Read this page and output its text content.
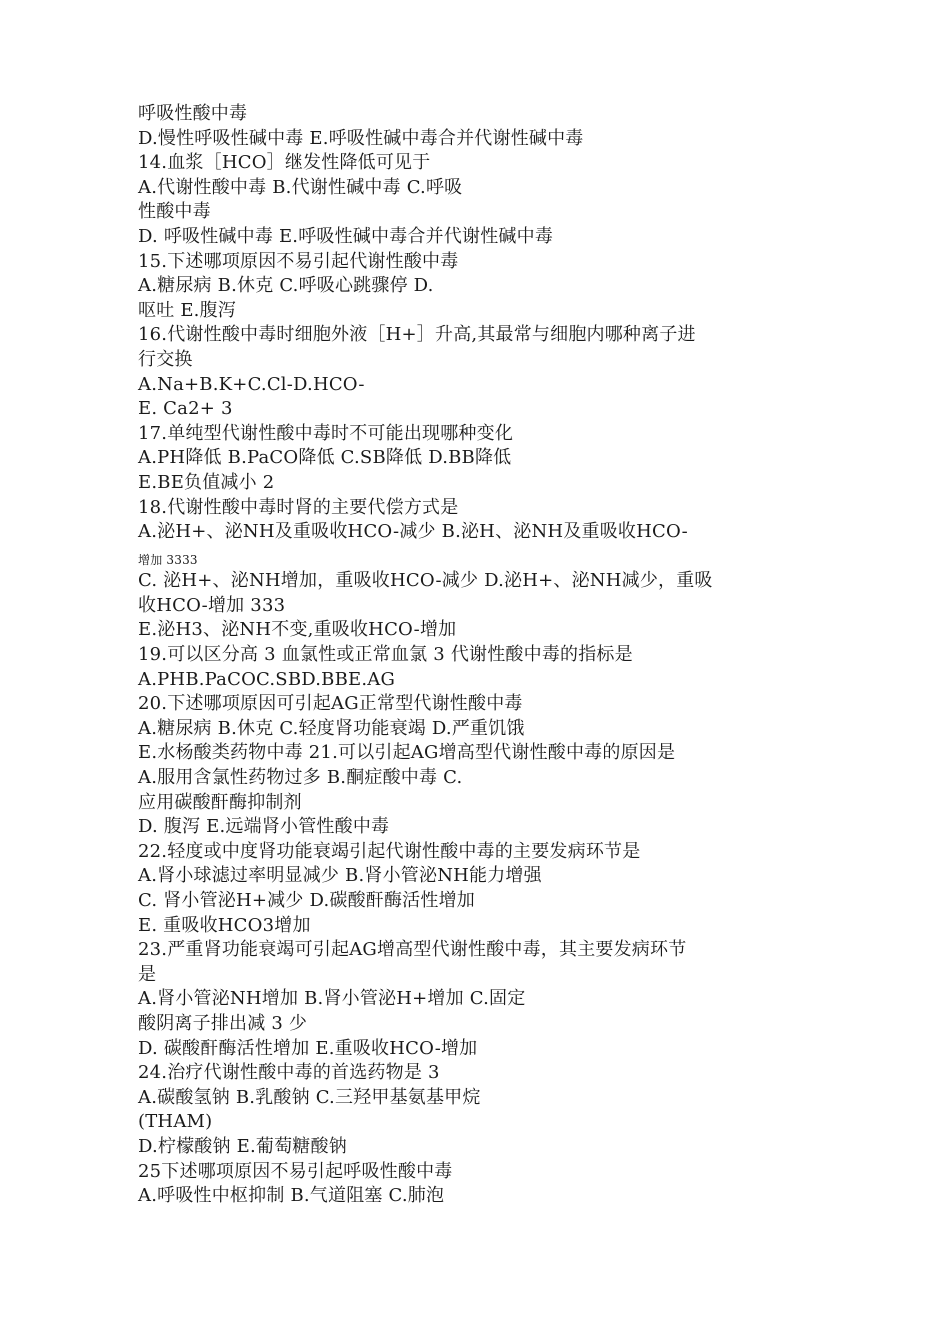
呼吸性酸中毒
D.慢性呼吸性碱中毒 E.呼吸性碱中毒合并代谢性碱中毒
14.血浆［HCO］继发性降低可见于
A.代谢性酸中毒 B.代谢性碱中毒 C.呼吸
性酸中毒
D. 呼吸性碱中毒 E.呼吸性碱中毒合并代谢性碱中毒
15.下述哪项原因不易引起代谢性酸中毒
A.糖尿病 B.休克 C.呼吸心跳骤停 D.
呕吐 E.腹泻
16.代谢性酸中毒时细胞外液［H+］升高,其最常与细胞内哪种离子进
行交换
A.Na+B.K+C.Cl-D.HCO-
E. Ca2+ 3
17.单纯型代谢性酸中毒时不可能出现哪种变化
A.PH降低 B.PaCO降低 C.SB降低 D.BB降低
E.BE负值减小 2
18.代谢性酸中毒时肾的主要代偿方式是
A.泌H+、泌NH及重吸收HCO-减少 B.泌H、泌NH及重吸收HCO-
增加 3333
C. 泌H+、泌NH增加，重吸收HCO-减少 D.泌H+、泌NH减少，重吸
收HCO-增加 333
E.泌H3、泌NH不变,重吸收HCO-增加
19.可以区分高 3 血氯性或正常血氯 3 代谢性酸中毒的指标是
A.PHB.PaCOC.SBD.BBE.AG
20.下述哪项原因可引起AG正常型代谢性酸中毒
A.糖尿病 B.休克 C.轻度肾功能衰竭 D.严重饥饿
E.水杨酸类药物中毒 21.可以引起AG增高型代谢性酸中毒的原因是
A.服用含氯性药物过多 B.酮症酸中毒 C.
应用碳酸酐酶抑制剂
D. 腹泻 E.远端肾小管性酸中毒
22.轻度或中度肾功能衰竭引起代谢性酸中毒的主要发病环节是
A.肾小球滤过率明显减少 B.肾小管泌NH能力增强
C. 肾小管泌H+减少 D.碳酸酐酶活性增加
E. 重吸收HCO3增加
23.严重肾功能衰竭可引起AG增高型代谢性酸中毒，其主要发病环节
是
A.肾小管泌NH增加 B.肾小管泌H+增加 C.固定
酸阴离子排出减 3 少
D. 碳酸酐酶活性增加 E.重吸收HCO-增加
24.治疗代谢性酸中毒的首选药物是 3
A.碳酸氢钠 B.乳酸钠 C.三羟甲基氨基甲烷
(THAM)
D.柠檬酸钠 E.葡萄糖酸钠
25下述哪项原因不易引起呼吸性酸中毒
A.呼吸性中枢抑制 B.气道阻塞 C.肺泡
